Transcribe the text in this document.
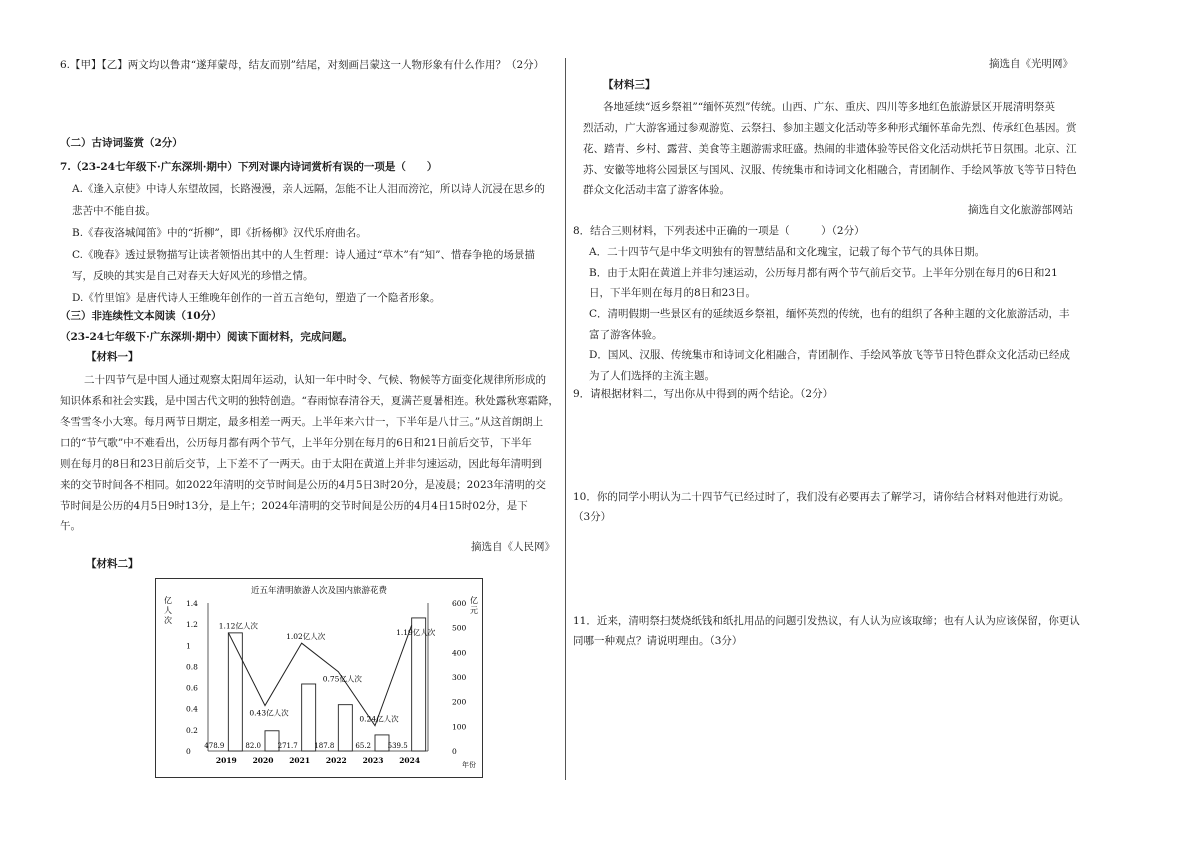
6.【甲】【乙】两文均以鲁肃“遂拜蒙母，结友而别”结尾，对刻画吕蒙这一人物形象有什么作用？（2分）
（二）古诗词鉴赏（2分）
7.（23-24七年级下·广东深圳·期中）下列对课内诗词赏析有误的一项是（　　）
A.《逢入京使》中诗人东望故园，长路漫漫，亲人远隔，怎能不让人泪而滂沱，所以诗人沉浸在思乡的
悲苦中不能自拔。
B.《春夜洛城闻笛》中的“折柳”，即《折杨柳》汉代乐府曲名。
C.《晚春》透过景物描写让读者领悟出其中的人生哲理：诗人通过“草木”有“知”、惜春争艳的场景描
写，反映的其实是自己对春天大好风光的珍惜之情。
D.《竹里馆》是唐代诗人王维晚年创作的一首五言绝句，塑造了一个隐者形象。
（三）非连续性文本阅读（10分）
（23-24七年级下·广东深圳·期中）阅读下面材料，完成问题。
【材料一】
二十四节气是中国人通过观察太阳周年运动，认知一年中时令、气候、物候等方面变化规律所形成的
知识体系和社会实践，是中国古代文明的独特创造。“春雨惊春清谷天，夏满芒夏暑相连。秋处露秋寒霜降，
冬雪雪冬小大寒。每月两节日期定，最多相差一两天。上半年来六廿一，下半年是八廿三。”从这首朗朗上
口的“节气歌”中不难看出，公历每月都有两个节气，上半年分别在每月的6日和21日前后交节，下半年
则在每月的8日和23日前后交节，上下差不了一两天。由于太阳在黄道上并非匀速运动，因此每年清明到
来的交节时间各不相同。如2022年清明的交节时间是公历的4月5日3时20分，是凌晨；2023年清明的交
节时间是公历的4月5日9时13分，是上午；2024年清明的交节时间是公历的4月4日15时02分，是下
午。
摘选自《人民网》
【材料二】
近五年清明旅游人次及国内旅游花费
年份
亿
人
次
亿
元
0
0.2
0.4
0.6
0.8
1
1.2
1.4
0
100
200
300
400
500
600
2019
478.9
2020
82.0
2021
271.7
2022
187.8
2023
65.2
2024
539.5
1.12亿人次
0.43亿人次
1.02亿人次
0.75亿人次
0.24亿人次
1.19亿人次
摘选自《光明网》
【材料三】
各地延续“返乡祭祖”“缅怀英烈”传统。山西、广东、重庆、四川等多地红色旅游景区开展清明祭英
烈活动，广大游客通过参观游览、云祭扫、参加主题文化活动等多种形式缅怀革命先烈、传承红色基因。赏
花、踏青、乡村、露营、美食等主题游需求旺盛。热闹的非遗体验等民俗文化活动烘托节日氛围。北京、江
苏、安徽等地将公园景区与国风、汉服、传统集市和诗词文化相融合，青团制作、手绘风筝放飞等节日特色
群众文化活动丰富了游客体验。
摘选自文化旅游部网站
8．结合三则材料，下列表述中正确的一项是（　　　）（2分）
A．二十四节气是中华文明独有的智慧结晶和文化瑰宝，记载了每个节气的具体日期。
B．由于太阳在黄道上并非匀速运动，公历每月都有两个节气前后交节。上半年分别在每月的6日和21
日，下半年则在每月的8日和23日。
C．清明假期一些景区有的延续返乡祭祖，缅怀英烈的传统，也有的组织了各种主题的文化旅游活动，丰
富了游客体验。
D．国风、汉服、传统集市和诗词文化相融合，青团制作、手绘风筝放飞等节日特色群众文化活动已经成
为了人们选择的主流主题。
9．请根据材料二，写出你从中得到的两个结论。（2分）
10．你的同学小明认为二十四节气已经过时了，我们没有必要再去了解学习，请你结合材料对他进行劝说。
（3分）
11．近来，清明祭扫焚烧纸钱和纸扎用品的问题引发热议，有人认为应该取缔；也有人认为应该保留，你更认
同哪一种观点？请说明理由。（3分）
